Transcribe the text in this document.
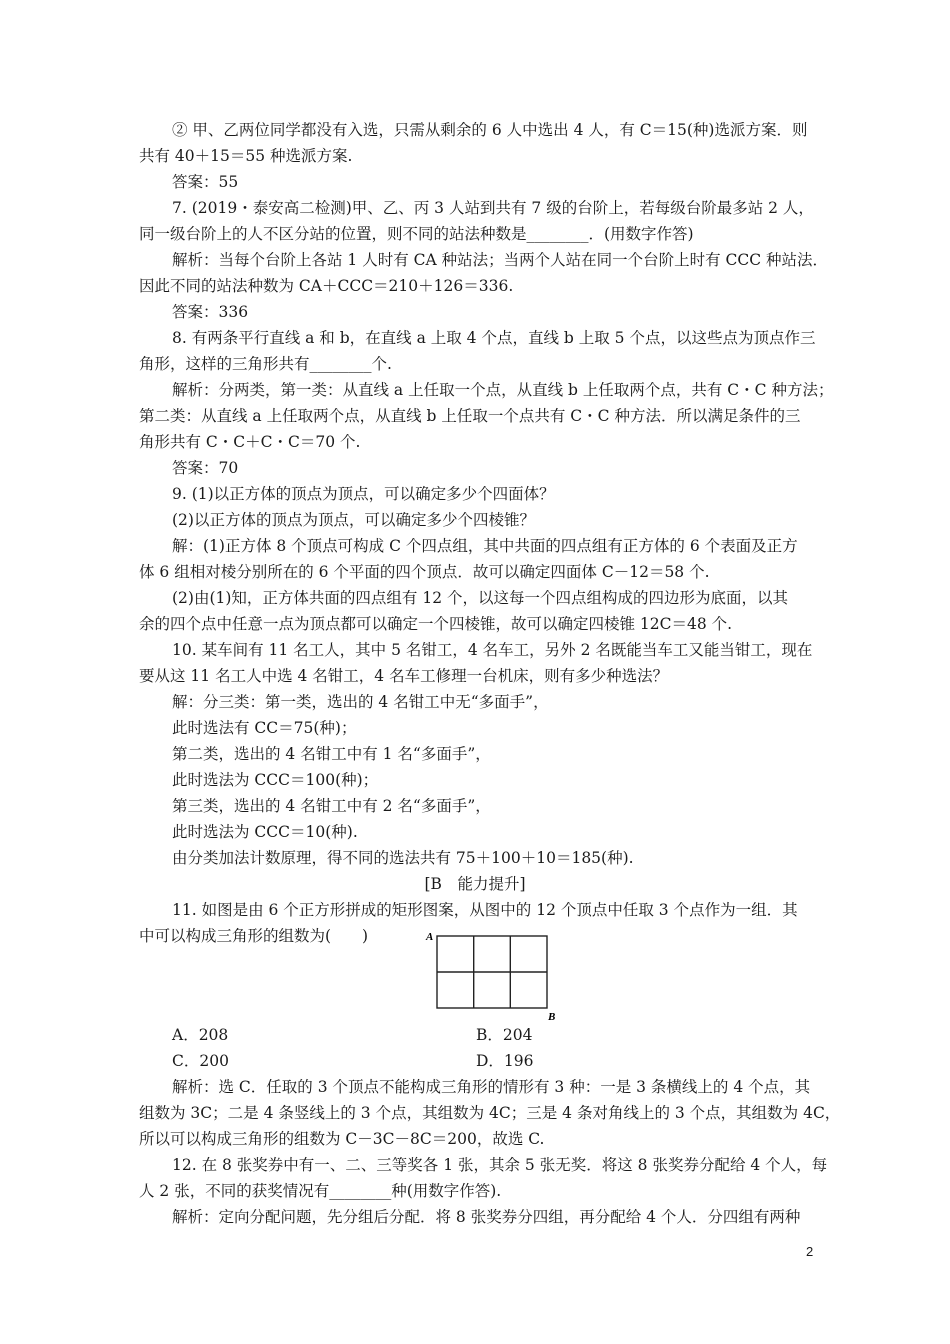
② 甲、乙两位同学都没有入选，只需从剩余的 6 人中选出 4 人，有 C＝15(种)选派方案．则
共有 40＋15＝55 种选派方案.
答案：55
7. (2019・泰安高二检测)甲、乙、丙 3 人站到共有 7 级的台阶上，若每级台阶最多站 2 人，
同一级台阶上的人不区分站的位置，则不同的站法种数是________．(用数字作答)
解析：当每个台阶上各站 1 人时有 CA 种站法；当两个人站在同一个台阶上时有 CCC 种站法．
因此不同的站法种数为 CA＋CCC＝210＋126＝336.
答案：336
8. 有两条平行直线 a 和 b，在直线 a 上取 4 个点，直线 b 上取 5 个点，以这些点为顶点作三
角形，这样的三角形共有________个.
解析：分两类，第一类：从直线 a 上任取一个点，从直线 b 上任取两个点，共有 C・C 种方法；
第二类：从直线 a 上任取两个点，从直线 b 上任取一个点共有 C・C 种方法．所以满足条件的三
角形共有 C・C＋C・C＝70 个.
答案：70
9. (1)以正方体的顶点为顶点，可以确定多少个四面体？
(2)以正方体的顶点为顶点，可以确定多少个四棱锥？
解：(1)正方体 8 个顶点可构成 C 个四点组，其中共面的四点组有正方体的 6 个表面及正方
体 6 组相对棱分别所在的 6 个平面的四个顶点．故可以确定四面体 C－12＝58 个.
(2)由(1)知，正方体共面的四点组有 12 个，以这每一个四点组构成的四边形为底面，以其
余的四个点中任意一点为顶点都可以确定一个四棱锥，故可以确定四棱锥 12C＝48 个.
10. 某车间有 11 名工人，其中 5 名钳工，4 名车工，另外 2 名既能当车工又能当钳工，现在
要从这 11 名工人中选 4 名钳工，4 名车工修理一台机床，则有多少种选法？
解：分三类：第一类，选出的 4 名钳工中无“多面手”，
此时选法有 CC＝75(种)；
第二类，选出的 4 名钳工中有 1 名“多面手”，
此时选法为 CCC＝100(种)；
第三类，选出的 4 名钳工中有 2 名“多面手”，
此时选法为 CCC＝10(种).
由分类加法计数原理，得不同的选法共有 75＋100＋10＝185(种).
[B　能力提升]
11. 如图是由 6 个正方形拼成的矩形图案，从图中的 12 个顶点中任取 3 个点作为一组．其
中可以构成三角形的组数为(　　)	A
B
A．208	B．204
C．200	D．196
解析：选 C．任取的 3 个顶点不能构成三角形的情形有 3 种：一是 3 条横线上的 4 个点，其
组数为 3C；二是 4 条竖线上的 3 个点，其组数为 4C；三是 4 条对角线上的 3 个点，其组数为 4C，
所以可以构成三角形的组数为 C－3C－8C＝200，故选 C.
12. 在 8 张奖券中有一、二、三等奖各 1 张，其余 5 张无奖．将这 8 张奖券分配给 4 个人，每
人 2 张，不同的获奖情况有________种(用数字作答).
解析：定向分配问题，先分组后分配．将 8 张奖券分四组，再分配给 4 个人．分四组有两种
2
